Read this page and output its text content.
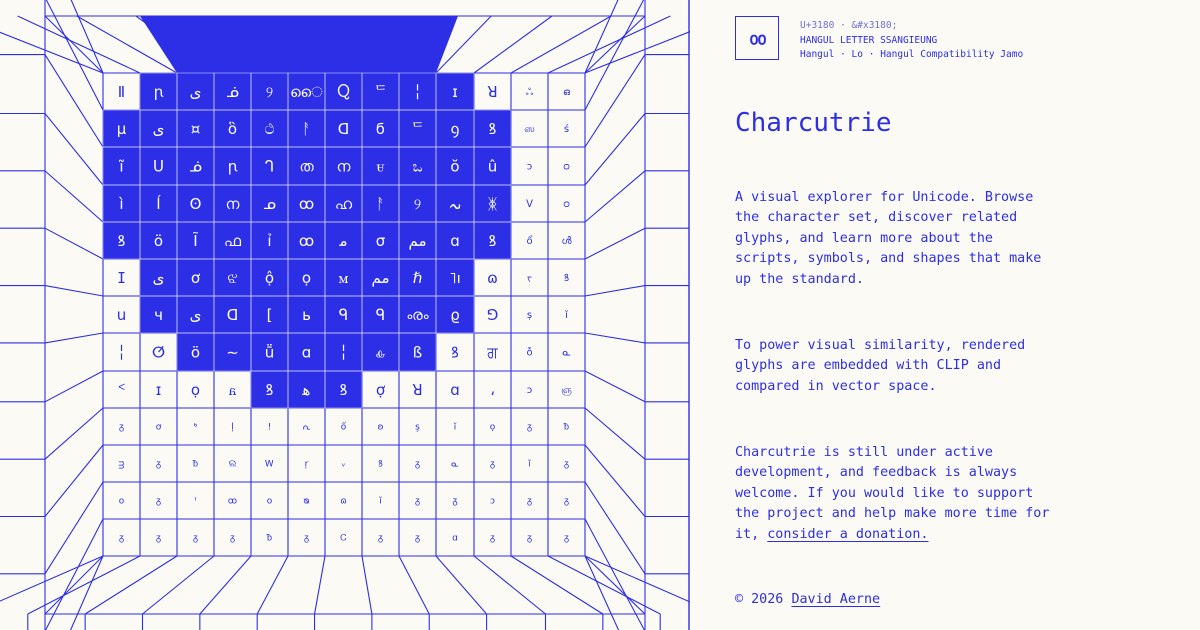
Ⅱ ꞃ ى ᓅ ୨ ൈ Ⴍ ᄃ ╎ ɪ ꓤ	ஃ	ഒ
μ ى ¤ ὃ ථ ᚨ ꓷ ϭ ᄃ ꝯ ꝸ	ஸ	ś
ĩ ᑌ ᓅ ꞃ ᒉ ത ന ꮜ ಒ ŏ û	ɔ	ᴑ
ì ĺ ʘ ന ᓄ ꝏ ഹ ᚨ ୨ ىہ ᛤ	ᐯ	ᴑ
ꝸ ö Ĩ ഫ ỉ ꝏ ﻣ σ مم ɑ ꝸ	ổ	ൾ
ⵊ ى ơ ଝ ộ ọ ꮇ مم ℏ ˥ו ɷ	ᠵ	ꝸ
ս ч ى ꓷ [ ь ᑫ ᑫ ൟ ϱ ꓨ	ṣ	ĭ
╎ ⵚ ö ∼ ṻ ɑ ╎ ꮂ ß ꝸ ਗ	ỗ	ᓇ
ᑉ ɪ ọ ᏺ ꝸ ﻫ ꝸ ợ ꓤ ɑ ،	ᴐ	ஞ
ᵹ	ơ	ᒃ	ļ	!	ᕆ	ố	ʚ	ş	ĭ	ọ	ᵹ	ᵬ
ᴟ	ᵹ	ᵬ	ଲ	Ꮃ	ŗ	ᵥ	ꝸ	ᵹ	ᓇ	ᵹ	ĭ	ᵹ
ᴏ	ᵹ	ᑊ	ꝏ	ᴏ	ᴓ	ɷ	ĭ	ᵹ	ᵹ	ɔ	ᵹ	ᵹ
ᵹ	ᵹ	ᵹ	ᵹ	ᵬ	ᵹ	Ꮯ	ᵹ	ᵹ	ɑ	ᵹ	ᵹ	ᵹ
ㆀ
U+3180 · &#x3180;
HANGUL LETTER SSANGIEUNG
Hangul · Lo · Hangul Compatibility Jamo
Charcutrie

A visual explorer for Unicode. Browse the character set, discover related glyphs, and learn more about the scripts, symbols, and shapes that make up the standard.

To power visual similarity, rendered glyphs are embedded with CLIP and compared in vector space.

Charcutrie is still under active development, and feedback is always welcome. If you would like to support the project and help make more time for it, consider a donation.

© 2026 David Aerne
